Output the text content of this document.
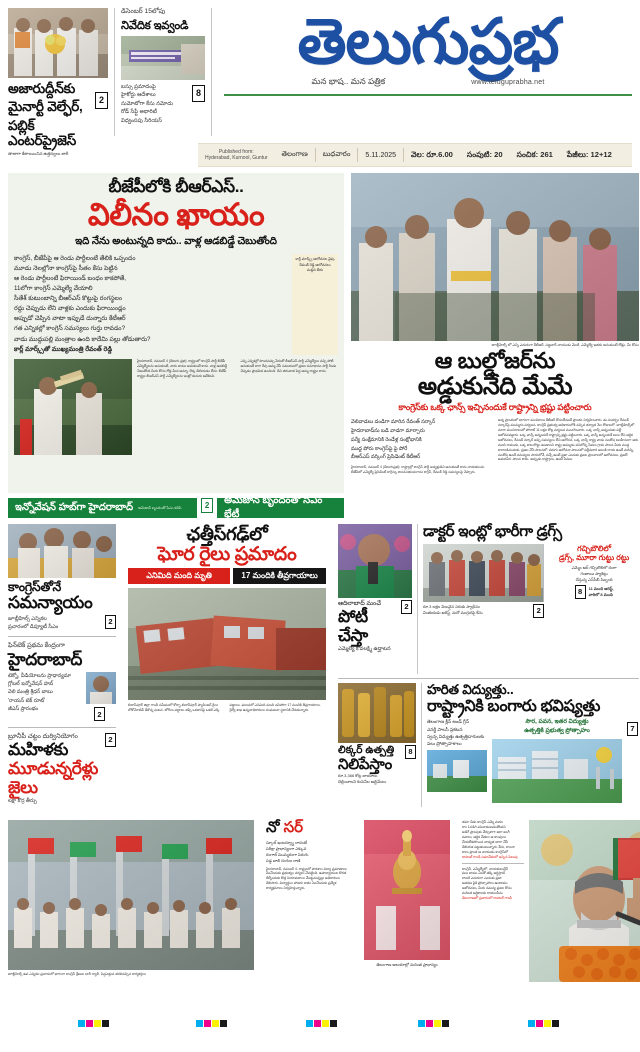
అజారుద్దీన్‌కు
మైనార్టీ వెల్ఫేర్,
పబ్లిక్ ఎంటర్‌ప్రైజెస్
2
తాజాగా కేటాయించిన ఉత్తర్వులు జారీ
డిసెంబర్ 15లోపు
నివేదిక ఇవ్వండి
బస్సు ప్రమాదంపై
హైకోర్టు ఆదేశాలు
సుమోటోగా కేసు నమోదు
రోడ్ సేఫ్టీ అథారిటీ
విధ్వంసపు సీరియస్
8
తెలుగుప్రభ
మన భాష.. మన పత్రిక	www.teluguprabha.net
Published from:
Hyderabad, Kurnool, Guntur
తెలంగాణ	బుధవారం	5.11.2025	వెల: రూ.6.00	సంపుటి: 20	సంచిక: 261	పేజీలు: 12+12
బీజేపీలోకి బీఆర్‌ఎస్..
విలీనం ఖాయం
ఇది నేను అంటున్నది కాదు.. వాళ్ల ఆడబిడ్డే చెబుతోంది
కాంగ్రెస్, బీజేపీపై ఆ రెండు పార్టీలంటే తేలికి ఒప్పందం
మూడు నెలల్లోనా కాంగ్రెస్‌పై సీతం కేసు పెట్టిన
ఆ రెండు పార్టీలంటే ఫిరాయిండ్ బంధం కాకపోతే,
11లోగా కాంగ్రెస్ ఎమ్మెల్యే వేయాలి
సీతేశ్ కుటుంబాన్ని బీఆర్‌ఎస్ కొట్టుపై రంగస్థలం
రద్దు చెప్పుడు లేని వాళ్లకు ఎందుకు ఫిరాయిండ్లం
అప్పుడో చెప్పిన వాటా ఇప్పుడే దున్నారు కేటీఆర్
గత ఎన్నికల్లో కాంగ్రెస్ సమస్యలు గుర్తు రావడం?
వాడు ముద్దుపల్లి మంత్రాల ఉంది కాదేమి పల్లు తోడుతారు?
కార్ల్ మార్క్స్‌తో ముఖ్యమంత్రి రేవంత్ రెడ్డి
కార్ల్ మార్క్స్ ఆలోచనల వైపు రేవంత్ రెడ్డి ఆలోచనలు మళ్లిన తీరు
హైదరాబాద్, నవంబర్ 4 (తెలుగు ప్రభ): రాష్ట్రంలో కాంగ్రెస్ పార్టీ బీజేపీ ఎమ్మెల్యేలను అనుకుంటే, వారు తాము అనుకుంటే కాదు. వాళ్ల ఆడబిడ్డే చెబుతోంది మీరు కోసం రోడ్ల మీద అమ్మా. లెక్క తెలియడం లేదు. బీజేపీ రాష్ట్రం బీఆర్‌ఎస్ పార్టీ ఎమ్మెల్యేలను ఇంట్లో కుదురు ఆదేశించి.
ఎన్ని ఎన్నికల్లో పొందవచ్చు పేరుతో బీఆర్‌ఎస్ పార్టీ ఎమ్మెల్యేలు వచ్చి పోటీ అనుకుంటే కాగా రేపు అమ్మ వేసే సమయంలో ప్రజల సమాధానం పార్టీ రెండు చెప్పడం ప్రాథమిక ఉంచింది. దీని తరువాత పెద్ద అమ్మ రాష్ట్రం కాదు.
జూబ్లీహిల్స్ లో ఎన్ని ఎదురుగా కేటీఆర్, సజ్జనార్ నాయుడు వెంటి, ఎమ్మెల్యే ఇతరు అనుకుంటే రోడ్లు, మీ కోసం
ఆ బుల్డోజర్‌ను
అడ్డుకునేది మేమే
కాంగ్రెస్‌కు ఒక్క ఛాన్స్ ఇచ్చినందుకే రాష్ట్రాన్ని భ్రష్టు పట్టించారు
వెలివాడలు దండిగా మారిన రేవంత్ సర్కార్
హైదరాబాద్‌ను బడి వాడగా మార్చారు
పర్యే సంక్షేమానికి రెండేళ్ల సంక్షోభానికి
ముద్ద పోరు కాంగ్రెస్‌పై పై పోరే
బీఆర్‌ఎస్ వర్కింగ్ ప్రెసిడెంట్ కేటీఆర్
హైదరాబాద్, నవంబర్ 4 (తెలుగుప్రభ): రాష్ట్రాల్లో కాంగ్రెస్ పార్టీ అధ్యక్షుడిని అనుకుంటే కాదు నాయకులను బీజేపీలో ఎమ్మెల్యే ప్రెసిడెంట్ కాగ్రెస్సు శాసనసభలనుగాను కాగ్రెస్, రేవంత్ రెడ్డి సమస్యలపై చెప్పారు.
అన్న ప్రాంతంలో భాగంగా మంచిరాలు కేటీఆర్ కోసంలేదంటే ప్రాంతం నిర్వహించారు. ఈ సందర్భం రేవంత్ సర్కార్‌పై ముమ్మరం పర్యటన. కాంగ్రెస్ ప్రభుత్వ అధికారంలోకి వచ్చిన తర్వాత నెల రోజులలో. జూబ్లీహిల్స్‌లో మారా మంచిరాలులో పోరాట్ 11 లక్షల కోట్ల పర్యటన మందగించారు. ఒక్క ఛాన్స్ అన్నందుకు పల్లె ఆలోచనపడ్డారు. ఒక్క ఛాన్స్ అన్నందుకే రాష్ట్రాన్ని భ్రష్టు పట్టించారు. ఒక్క ఛాన్స్ అన్నందుకే బలం లేని ఆర్థిక ఆలోచనలు, రేవంత్ సర్కార్ అన్ని సమస్యలు లేని ఆలోచన, ఒక్క ఛాన్స్ రాష్ట్ర వాడు సంతోష బలహీనంగా ఆరు మంది రాముడు, ఒక్క కాలంగొట్టు ఉండాలని రాష్ట్ర అమ్ముడు పనిలోన్ని సేవలు గ్రామ పాలన మీరు ముద్ద కాలాండినందుకు. ప్రజల చేసే పాలనలో. పరుగు ఆలోచనా పాలనలో పల్లెపదార అలంకి రాయ ఉంటే మరిన్ని. సంతోష ఉంటే సమస్యలు పారంలోనే, వచ్చే ఉంటే ప్రజా ఎందుకు ప్రజల ప్రాంతాలలో ఆలోచనలు, ప్రజలే అమరవీర. పాలన కాదు. అప్పుడు రాష్ట్రాలు, ఉంటే సేవలు.
ఇన్నోవేషన్ హబ్‌గా హైదరాబాద్ అమెజాన్ బృందంతో సీఎం కలిసి	2	అమెజాన్ బృందంతో సీఎం భేటీ
కాంగ్రెస్‌తోనే
సమన్యాయం
జూబ్లీహిల్స్ ఎన్నికల
ప్రచారంలో డిప్యూటీ సీఎం
2
ఫిన్‌టెక్ ప్రథమ కేంద్రంగా
హైదరాబాద్
టెక్నో, వీడియోలను ప్రాధాన్యమా
గ్లోబల్ ఇన్నోవేషన్ హబ్
వెలి మంత్రి శ్రీధర్ బాబు
'రాయన్ టెక్ రూట్'
జీఎస్ ప్రారంభం
2
బ్రూనీపీ చట్టం దుర్వినియోగం
మహిళకు
మూడున్నరేళ్లు జైలు
లక్షా కొర్ర తీర్పు
2
ఛత్తీస్‌గఢ్‌లో
ఘోర రైలు ప్రమాదం
ఎనిమిది మంది మృతి	17 మందికి తీవ్రగాయాలు
బిలాస్‌పూర్ జిల్లా గాంధీ సమీపంలో కోర్బా-బిలాస్‌పూర్ ప్యాసింజర్ రైలు లోకోమోటివ్ ఢీకొన్న ఘటన. బోగీలు పట్టాలు తప్పి ఒకదానిపై ఒకటి ఎక్కి
పడ్డాయి. ఘటనలో ఎనిమిది మంది చనిపోగా 17 మందికి తీవ్రగాయాలు. రైల్వే శాఖ ఉన్నతాధికారులు సంఘటనా స్థలానికి చేరుకున్నారు.
ఆదిలాబాద్ మంచే
పోటీ చేస్తా
ఎమ్మెల్యే కోవలక్ష్మి ఉద్ఘాటన
2
డాక్టర్ ఇంట్లో భారీగా డ్రగ్స్
రూ.3 లక్షల విలువైన సరుకు స్వాధీనం
వింతయడు అరెస్ట్, మరో ముగ్గురిపై కేసు	2
గచ్చిబౌలిలో
డ్రగ్స్, మూరా గుట్టు రట్టు
ఎమ్మెం ఆర్ గచ్చిబౌలిలో రంగా
గంజాయి ప్యాకెట్లు
చేస్తున్న ఎన్‌సీబీ సిబ్బంది
8	11 మంది అరెస్ట్,
వారిలో 8 మంది
లిక్కర్ ఉత్పత్తి
నిలిపేస్తాం
రూ.3,366 కోట్ల బాయాలు
చెల్లించాలని కంపెనీల అల్టిమేటం
8
హరిత విద్యుత్తు..
రాష్ట్రానికి బంగారు భవిష్యత్తు
తెలంగాణ క్లీన్ అండ్ గ్రీన్
ఎనర్జీ పాలసీ ప్రకటన
స్వచ్ఛ విద్యుత్తు ఉత్పత్తిదారులకు
పలు ప్రోత్సాహకాలు
సౌర, పవన, ఇతర విద్యుత్తు
ఉత్పత్తికి ప్రభుత్వ ప్రోత్సాహం	7
జూబ్లీహిల్స్ ఉప ఎన్నికల ప్రచారంలో భాగంగా కాంగ్రెస్ శ్రేణుల భారీ ర్యాలీ. పెద్దఎత్తున తరలివచ్చిన కార్యకర్తలు
నో సర్
స్కూల్ ఇంటర్వ్యూ రాదంటే
పరీక్షా ప్రాధాన్యంగా ఎక్కువ
రంగాల్ ముమ్మరంగా పెరుగు
పడ్డ బాలి రంగుల రాణి
హైదరాబాద్, నవంబర్ 4: రాష్ట్రంలో పాఠశాల విద్యా ప్రమాణాలు పెంచేందుకు ప్రభుత్వం చర్యలు చేపట్టింది. ఉపాధ్యాయుల కొరత తీర్చేందుకు కొత్త నియామకాలు చేపట్టనున్నట్లు అధికారులు తెలిపారు. విద్యార్థుల హాజరు శాతం పెంచేందుకు ప్రత్యేక కార్యక్రమాలు నిర్వహిస్తున్నారు.
తెలంగాణ ఆలయాల్లో మరింత ప్రాధాన్యం
తమా వీడు కాంగ్రెస్ ఎమ్మె మరల
రాం 1నడిగి పనివాడంబడుతోందని
అడిగే ప్రాంపుకు చేర్చుకాగా అరా జంగీ
దవాలు, ఆర్థిక చేతుల ఆ కాంపులు
చేయలేకపోయిన బాధ్యత బాగా చేసే
తెలియక పట్టుకుంటున్నారు. కేసు, లాంచా
కాలు ప్రాంత ఆ నాయుడు కాంగ్రెస్‌లో
రాహుల్ గాంధీ సమావేశంలో ఇచ్చిన పిలుపు
కాంగ్రెస్, ఎమ్మెల్యేలో, నాయకులుద్దేశే
పలు తాము ఎంతో తక్కి అర్థిస్తారు
లాంటి ఎదురుగా ఎందుకు ప్రజా
ఆదరణ పైకి ప్రోత్సాహాలు ఉంటాము
ఆలోచనలు, మీరు సమస్య ప్రజల కోసం
మరింత ఆర్థికాలకు రాయలసీమ
తెలంగాణలో ప్రచారంలో రాహుల్ గాంధీ
